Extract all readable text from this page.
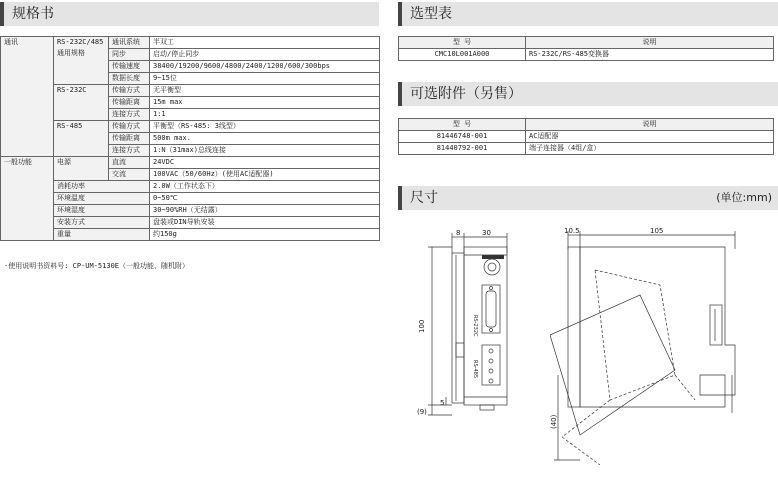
规格书
通讯	RS-232C/485通用规格	通讯系统	半双工
		同步	启动/停止同步
		传输速度	38400/19200/9600/4800/2400/1200/600/300bps
		数据长度	9~15位
	RS-232C	传输方式	无平衡型
		传输距离	15m max
		连接方式	1:1
	RS-485	传输方式	平衡型（RS-485: 3线型）
		传输距离	500m max.
		连接方式	1:N（31max)总线连接
一般功能	电源	直流	24VDC
		交流	100VAC（50/60Hz）(使用AC适配器)
	消耗功率		2.0W（工作状态下）
	环境温度		0~50℃
	环境湿度		30~90%RH（无结露）
	安装方式		盘装或DIN导轨安装
	重量		约150g
·使用说明书资料号: CP-UM-5130E（一般功能、随机附）
选型表
型 号	说明
CMC10L001A000	RS-232C/RS-485变换器
可选附件（另售）
型 号	说明
81446748-001	AC适配器
81440792-001	端子连接器（4组/盒）
尺寸	(单位:mm)
8	30
100
(9)
5
RS-232C
RS-485
10.5	105
(40)
